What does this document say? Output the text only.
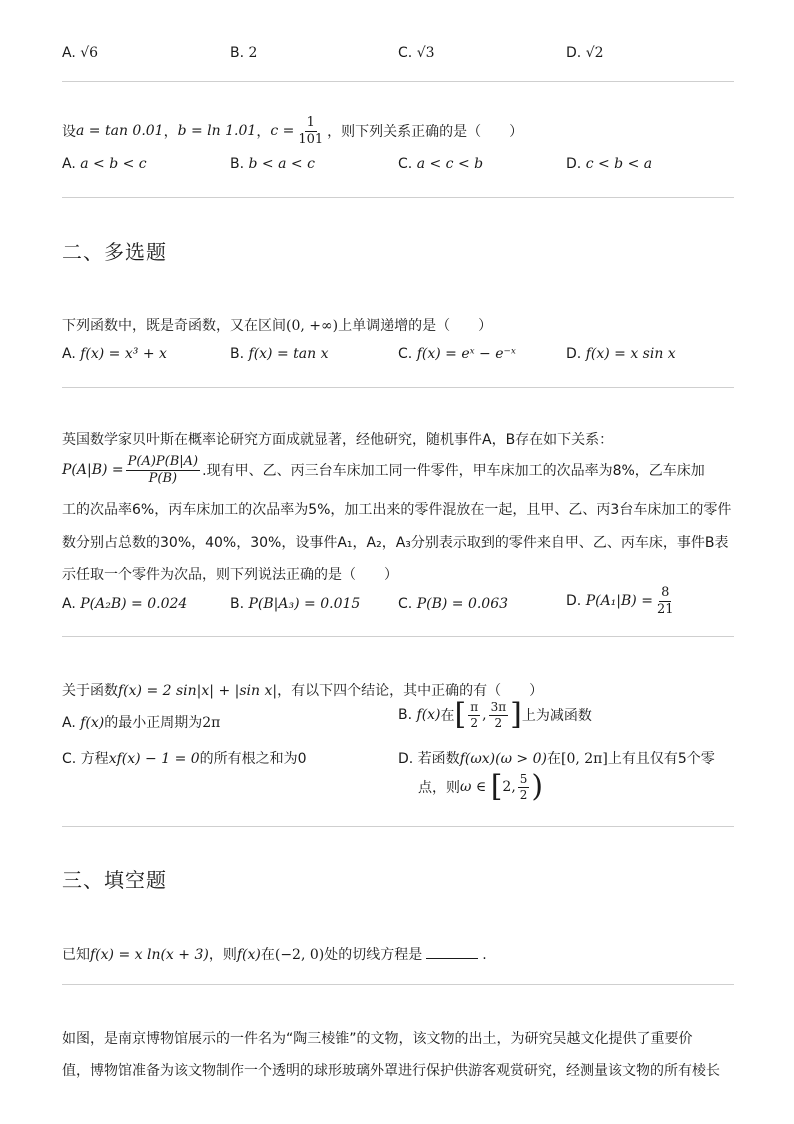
A. √6	B. 2	C. √3	D. √2
设 a = tan 0.01 ， b = ln 1.01 ， $c = \frac{1}{101}$ ，则下列关系正确的是（　　）
A. a < b < c	B. b < a < c	C. a < c < b	D. c < b < a
二、多选题
下列函数中，既是奇函数，又在区间(0, +∞)上单调递增的是（　　）
A. f(x) = x³ + x	B. f(x) = tan x	C. f(x) = eˣ − e⁻ˣ	D. f(x) = x sin x
英国数学家贝叶斯在概率论研究方面成就显著，经他研究，随机事件A，B存在如下关系：
$P(A|B) = \frac{P(A)P(B|A)}{P(B)}$ .现有甲、乙、丙三台车床加工同一件零件，甲车床加工的次品率为8%，乙车床加
工的次品率6%，丙车床加工的次品率为5%，加工出来的零件混放在一起，且甲、乙、丙3台车床加工的零件
数分别占总数的30%，40%，30%，设事件A₁，A₂，A₃分别表示取到的零件来自甲、乙、丙车床，事件B表
示任取一个零件为次品，则下列说法正确的是（　　）
A. P(A₂B) = 0.024	B. P(B|A₃) = 0.015	C. P(B) = 0.063	D.
$P(A_1|B) = \frac{8}{21}$
关于函数f(x) = 2 sin|x| + |sin x|，有以下四个结论，其中正确的有（　　）
A. f(x)的最小正周期为2π	B.
f(x) 在 [ $\frac{\pi}{2}$ , $\frac{3\pi}{2}$ ] 上为减函数
C. 方程xf(x) − 1 = 0的所有根之和为0	D. 若函数f(ωx)(ω > 0)在[0, 2π]上有且仅有5个零
点，则 ω ∈
[ 2, $\frac{5}{2}$ )
三、填空题
已知f(x) = x ln(x + 3)，则f(x)在(−2, 0)处的切线方程是	.
如图，是南京博物馆展示的一件名为“陶三棱锥”的文物，该文物的出土，为研究吴越文化提供了重要价
值，博物馆准备为该文物制作一个透明的球形玻璃外罩进行保护供游客观赏研究，经测量该文物的所有棱长
